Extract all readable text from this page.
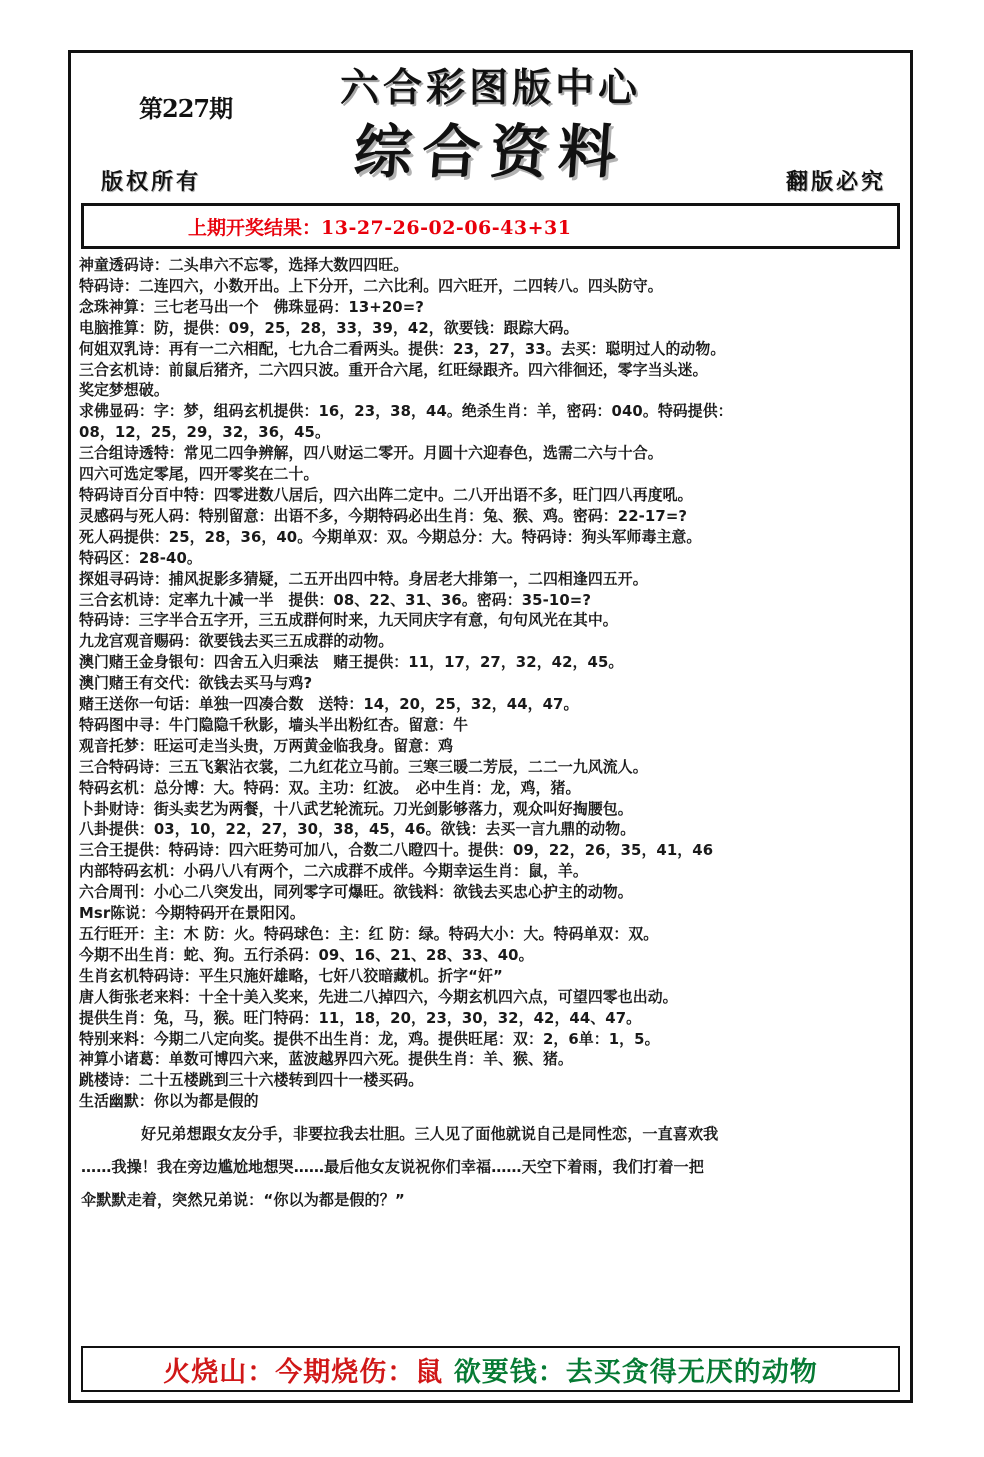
第227期	六合彩图版中心
综合资料
版权所有	翻版必究
上期开奖结果：13-27-26-02-06-43+31
神童透码诗：二头串六不忘零，选择大数四四旺。
特码诗：二连四六，小数开出。上下分开，二六比利。四六旺开，二四转八。四头防守。
念珠神算：三七老马出一个　佛珠显码：13+20=?
电脑推算：防，提供：09，25，28，33，39，42，欲要钱：跟踪大码。
何姐双乳诗：再有一二六相配，七九合二看两头。提供：23，27，33。去买：聪明过人的动物。
三合玄机诗：前鼠后猪齐，二六四只波。重开合六尾，红旺绿跟齐。四六徘徊还，零字当头迷。
奖定梦想破。
求佛显码：字：梦，组码玄机提供：16，23，38，44。绝杀生肖：羊，密码：040。特码提供：
08，12，25，29，32，36，45。
三合组诗透特：常见二四争辨解，四八财运二零开。月圆十六迎春色，选需二六与十合。
四六可选定零尾，四开零奖在二十。
特码诗百分百中特：四零进数八居后，四六出阵二定中。二八开出语不多，旺门四八再度吼。
灵感码与死人码：特别留意：出语不多，今期特码必出生肖：兔、猴、鸡。密码：22-17=?
死人码提供：25，28，36，40。今期单双：双。今期总分：大。特码诗：狗头军师毒主意。
特码区：28-40。
探姐寻码诗：捕风捉影多猜疑，二五开出四中特。身居老大排第一，二四相逢四五开。
三合玄机诗：定率九十减一半　提供：08、22、31、36。密码：35-10=?
特码诗：三字半合五字开，三五成群何时来，九天同庆字有意，句句风光在其中。
九龙宫观音赐码：欲要钱去买三五成群的动物。
澳门赌王金身银句：四舍五入归乘法　赌王提供：11，17，27，32，42，45。
澳门赌王有交代：欲钱去买马与鸡?
赌王送你一句话：单独一四凑合数　送特：14，20，25，32，44，47。
特码图中寻：牛门隐隐千秋影，墙头半出粉红杏。留意：牛
观音托梦：旺运可走当头贵，万两黄金临我身。留意：鸡
三合特码诗：三五飞絮沾衣裳，二九红花立马前。三寒三暖二芳辰，二二一九风流人。
特码玄机：总分博：大。特码：双。主功：红波。　必中生肖：龙，鸡，猪。
卜卦财诗：街头卖艺为两餐，十八武艺轮流玩。刀光剑影够落力，观众叫好掏腰包。
八卦提供：03，10，22，27，30，38，45，46。欲钱：去买一言九鼎的动物。
三合王提供：特码诗：四六旺势可加八，合数二八瞪四十。提供：09，22，26，35，41，46
内部特码玄机：小码八八有两个，二六成群不成伴。今期幸运生肖：鼠，羊。
六合周刊：小心二八突发出，同列零字可爆旺。欲钱料：欲钱去买忠心护主的动物。
Msr陈说：今期特码开在景阳冈。
五行旺开：主：木 防：火。特码球色：主：红 防：绿。特码大小：大。特码单双：双。
今期不出生肖：蛇、狗。五行杀码：09、16、21、28、33、40。
生肖玄机特码诗：平生只施奸雄略，七奸八狡暗藏机。折字“奸”
唐人街张老来料：十全十美入奖来，先进二八掉四六，今期玄机四六点，可望四零也出动。
提供生肖：兔，马，猴。旺门特码：11，18，20，23，30，32，42，44、47。
特别来料：今期二八定向奖。提供不出生肖：龙，鸡。提供旺尾：双：2，6单：1，5。
神算小诸葛：单数可博四六来，蓝波越界四六死。提供生肖：羊、猴、猪。
跳楼诗：二十五楼跳到三十六楼转到四十一楼买码。
生活幽默：你以为都是假的

好兄弟想跟女友分手，非要拉我去壮胆。三人见了面他就说自己是同性恋，一直喜欢我

……我操！我在旁边尴尬地想哭……最后他女友说祝你们幸福……天空下着雨，我们打着一把

伞默默走着，突然兄弟说：“你以为都是假的？”

火烧山：今期烧伤：鼠 欲要钱：去买贪得无厌的动物
